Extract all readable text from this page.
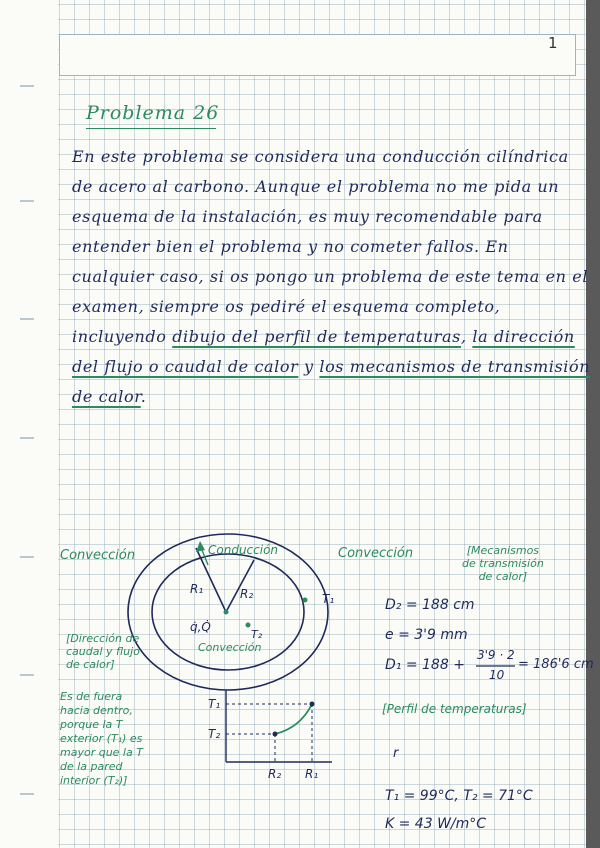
1
Problema 26
En este problema se considera una conducción cilíndrica de acero al carbono. Aunque el problema no me pida un esquema de la instalación, es muy recomendable para entender bien el problema y no cometer fallos. En cualquier caso, si os pongo un problema de este tema en el examen, siempre os pediré el esquema completo, incluyendo dibujo del perfil de temperaturas, la dirección del flujo o caudal de calor y los mecanismos de transmisión de calor.
Convección	Conducción
R₁	R₂
q̇,Q̇
T₂
T₁
Convección
Convección	[Mecanismos
de transmisión
de calor]
[Dirección de
caudal y flujo
de calor]
Es de fuera
hacia dentro,
porque la T
exterior (T₁) es
mayor que la T
de la pared
interior (T₂)]
[Perfil de temperaturas]
T₁
T₂
R₂ R₁
r
D₂ = 188 cm
e = 3'9 mm
D₁ = 188 +
3'9 · 2
10
= 186'6 cm
T₁ = 99°C, T₂ = 71°C
K = 43 W/m°C
